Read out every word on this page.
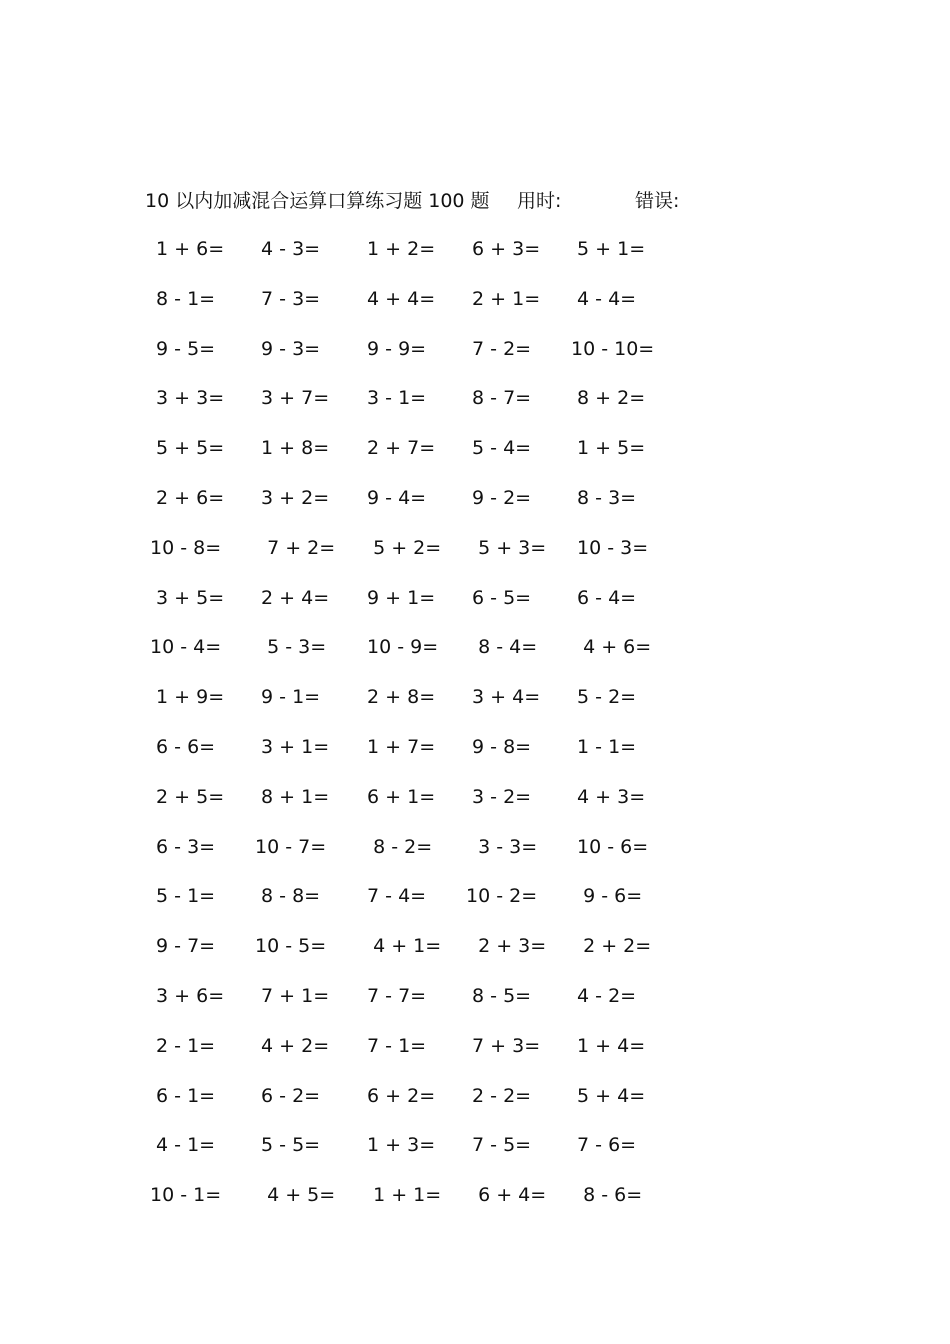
10 以内加减混合运算口算练习题 100 题 用时:	错误:
1 + 6= 4 - 3= 1 + 2= 6 + 3= 5 + 1=
8 - 1= 7 - 3= 4 + 4= 2 + 1= 4 - 4=
9 - 5= 9 - 3= 9 - 9= 7 - 2= 10 - 10=
3 + 3= 3 + 7= 3 - 1= 8 - 7= 8 + 2=
5 + 5= 1 + 8= 2 + 7= 5 - 4= 1 + 5=
2 + 6= 3 + 2= 9 - 4= 9 - 2= 8 - 3=
10 - 8= 7 + 2= 5 + 2= 5 + 3= 10 - 3=
3 + 5= 2 + 4= 9 + 1= 6 - 5= 6 - 4=
10 - 4= 5 - 3= 10 - 9= 8 - 4= 4 + 6=
1 + 9= 9 - 1= 2 + 8= 3 + 4= 5 - 2=
6 - 6= 3 + 1= 1 + 7= 9 - 8= 1 - 1=
2 + 5= 8 + 1= 6 + 1= 3 - 2= 4 + 3=
6 - 3= 10 - 7= 8 - 2= 3 - 3= 10 - 6=
5 - 1= 8 - 8= 7 - 4= 10 - 2= 9 - 6=
9 - 7= 10 - 5= 4 + 1= 2 + 3= 2 + 2=
3 + 6= 7 + 1= 7 - 7= 8 - 5= 4 - 2=
2 - 1= 4 + 2= 7 - 1= 7 + 3= 1 + 4=
6 - 1= 6 - 2= 6 + 2= 2 - 2= 5 + 4=
4 - 1= 5 - 5= 1 + 3= 7 - 5= 7 - 6=
10 - 1= 4 + 5= 1 + 1= 6 + 4= 8 - 6=
